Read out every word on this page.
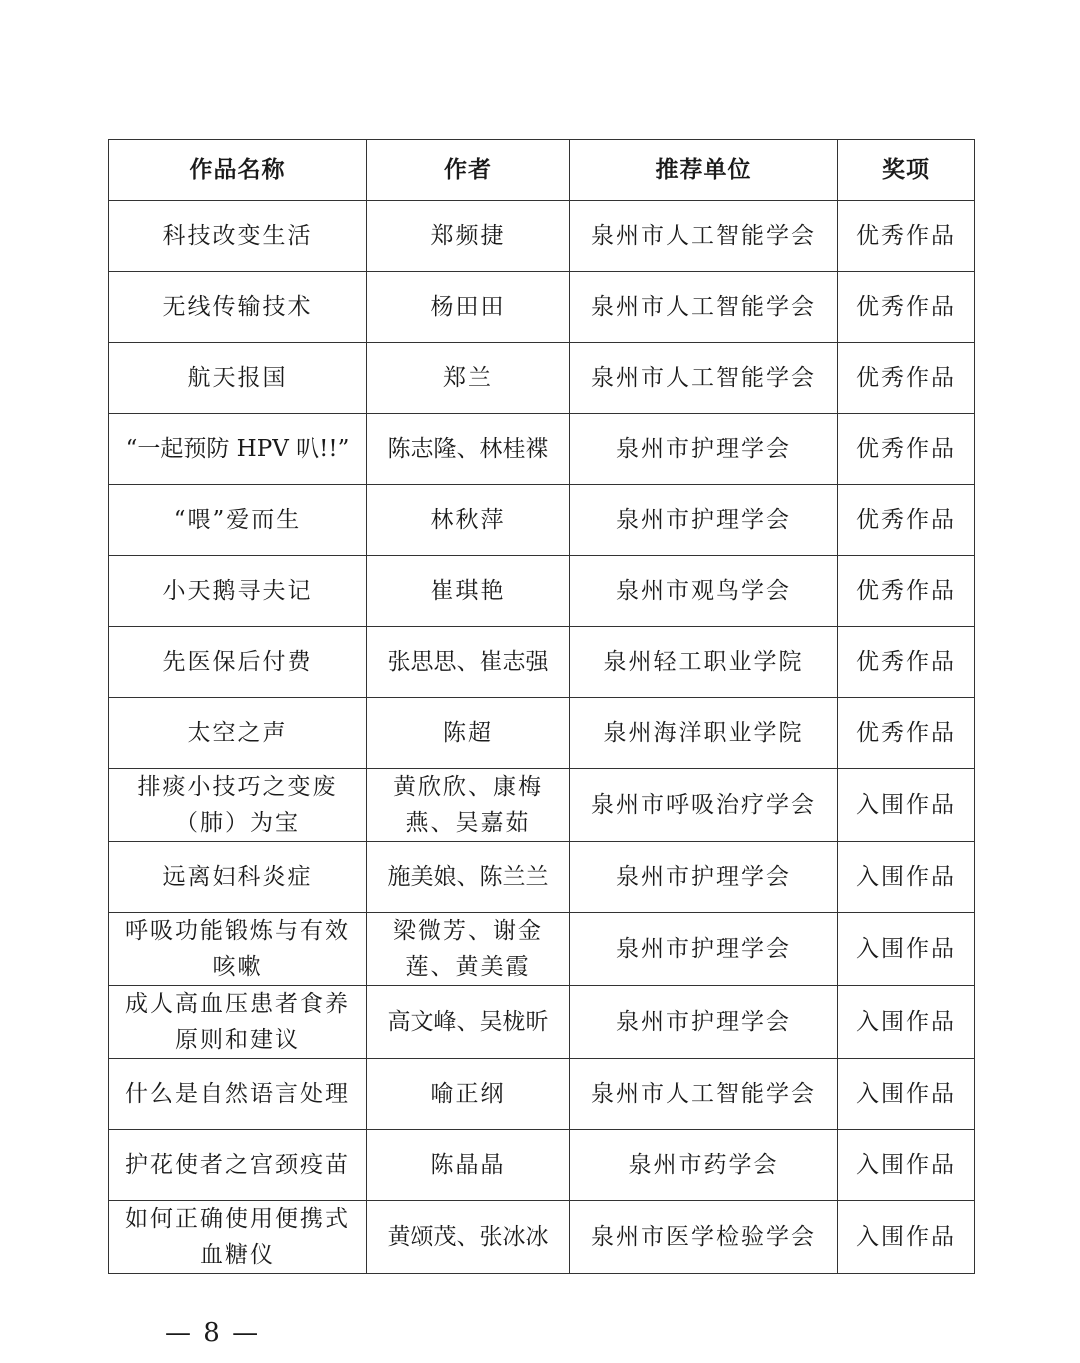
作品名称	作者	推荐单位	奖项
科技改变生活	郑频捷	泉州市人工智能学会	优秀作品
无线传输技术	杨田田	泉州市人工智能学会	优秀作品
航天报国	郑兰	泉州市人工智能学会	优秀作品
“一起预防 HPV 叭!!”	陈志隆、林桂褋	泉州市护理学会	优秀作品
“喂”爱而生	林秋萍	泉州市护理学会	优秀作品
小天鹅寻夫记	崔琪艳	泉州市观鸟学会	优秀作品
先医保后付费	张思思、崔志强	泉州轻工职业学院	优秀作品
太空之声	陈超	泉州海洋职业学院	优秀作品
排痰小技巧之变废（肺）为宝	黄欣欣、康梅燕、吴嘉茹	泉州市呼吸治疗学会	入围作品
远离妇科炎症	施美娘、陈兰兰	泉州市护理学会	入围作品
呼吸功能锻炼与有效咳嗽	梁微芳、谢金莲、黄美霞	泉州市护理学会	入围作品
成人高血压患者食养原则和建议	高文峰、吴栊昕	泉州市护理学会	入围作品
什么是自然语言处理	喻正纲	泉州市人工智能学会	入围作品
护花使者之宫颈疫苗	陈晶晶	泉州市药学会	入围作品
如何正确使用便携式血糖仪	黄颂茂、张冰冰	泉州市医学检验学会	入围作品
— 8 —
